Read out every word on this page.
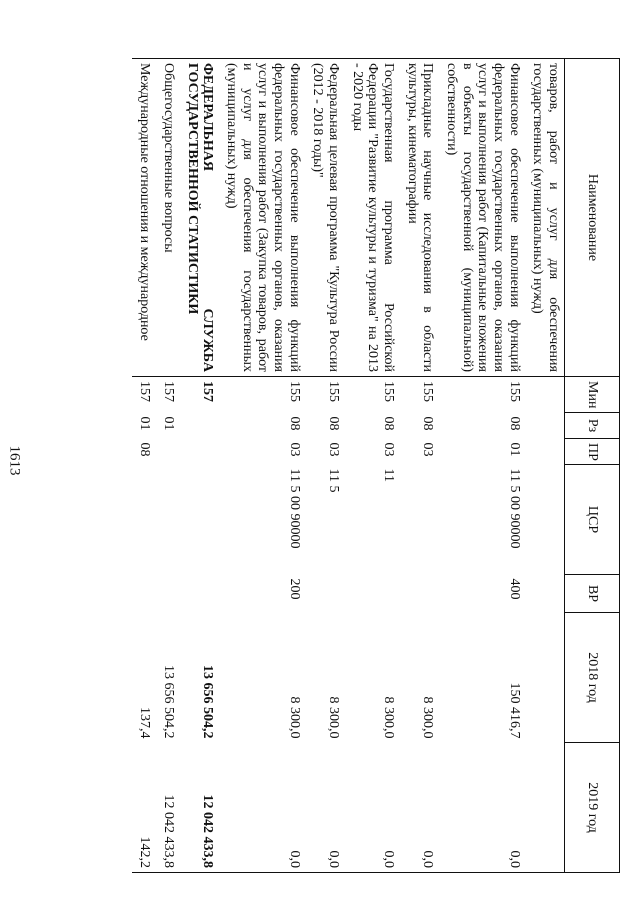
1613
Наименование	Мин	Рз	ПР	ЦСР	ВР	2018 год	2019 год
товаров, работ и услуг для обеспечения государственных (муниципальных) нужд)							
Финансовое обеспечение выполнения функций федеральных государственных органов, оказания услуг и выполнения работ (Капитальные вложения в объекты государственной (муниципальной) собственности)	155	08	01	11 5 00 90000	400	150 416,7	0,0
Прикладные научные исследования в области культуры, кинематографии	155	08	03			8 300,0	0,0
Государственная программа Российской Федерации "Развитие культуры и туризма" на 2013 - 2020 годы	155	08	03	11		8 300,0	0,0
Федеральная целевая программа "Культура России (2012 - 2018 годы)"	155	08	03	11 5		8 300,0	0,0
Финансовое обеспечение выполнения функций федеральных государственных органов, оказания услуг и выполнения работ (Закупка товаров, работ и услуг для обеспечения государственных (муниципальных) нужд)	155	08	03	11 5 00 90000	200	8 300,0	0,0
ФЕДЕРАЛЬНАЯ СЛУЖБА ГОСУДАРСТВЕННОЙ СТАТИСТИКИ	157					13 656 504,2	12 042 433,8
Общегосударственные вопросы	157	01				13 656 504,2	12 042 433,8
Международные отношения и международное	157	01	08			137,4	142,2
